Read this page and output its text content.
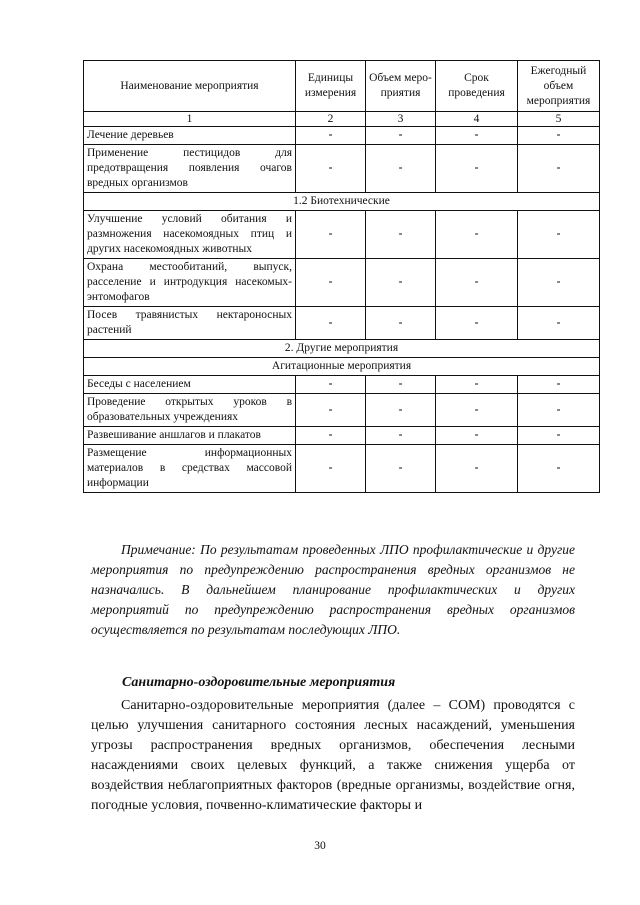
Наименование мероприятия	Единицы измерения	Объем меро-приятия	Срок проведения	Ежегодный объем мероприятия
1	2	3	4	5
Лечение деревьев	-	-	-	-
Применение пестицидов для предотвращения появления очагов вредных организмов	-	-	-	-
1.2 Биотехнические				
Улучшение условий обитания и размножения насекомоядных птиц и других насекомоядных животных	-	-	-	-
Охрана местообитаний, выпуск, расселение и интродукция насекомых-энтомофагов	-	-	-	-
Посев травянистых нектароносных растений	-	-	-	-
2. Другие мероприятия				
Агитационные мероприятия				
Беседы с населением	-	-	-	-
Проведение открытых уроков в образовательных учреждениях	-	-	-	-
Развешивание аншлагов и плакатов	-	-	-	-
Размещение информационных материалов в средствах массовой информации	-	-	-	-

Примечание: По результатам проведенных ЛПО профилактические и другие мероприятия по предупреждению распространения вредных организмов не назначались. В дальнейшем планирование профилактических и других мероприятий по предупреждению распространения вредных организмов осуществляется по результатам последующих ЛПО.

Санитарно-оздоровительные мероприятия

Санитарно-оздоровительные мероприятия (далее – СОМ) проводятся с целью улучшения санитарного состояния лесных насаждений, уменьшения угрозы распространения вредных организмов, обеспечения лесными насаждениями своих целевых функций, а также снижения ущерба от воздействия неблагоприятных факторов (вредные организмы, воздействие огня, погодные условия, почвенно-климатические факторы и

30
